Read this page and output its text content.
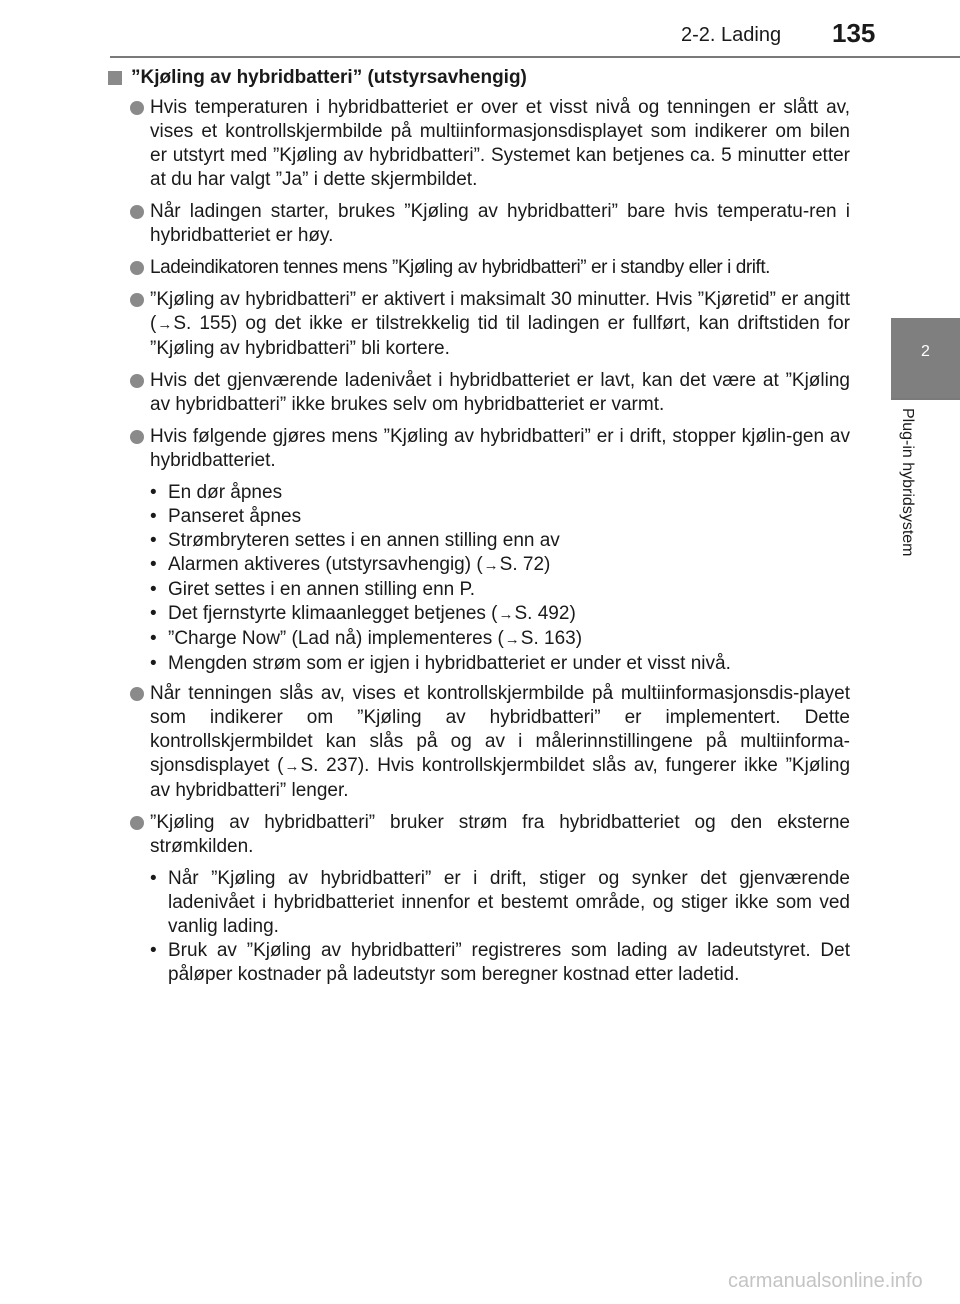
2-2. Lading 135
2
Plug-in hybridsystem
”Kjøling av hybridbatteri” (utstyrsavhengig)
Hvis temperaturen i hybridbatteriet er over et visst nivå og tenningen er slått av, vises et kontrollskjermbilde på multiinformasjonsdisplayet som indikerer om bilen er utstyrt med ”Kjøling av hybridbatteri”. Systemet kan betjenes ca. 5 minutter etter at du har valgt ”Ja” i dette skjermbildet.
Når ladingen starter, brukes ”Kjøling av hybridbatteri” bare hvis temperatu-ren i hybridbatteriet er høy.
Ladeindikatoren tennes mens ”Kjøling av hybridbatteri” er i standby eller i drift.
”Kjøling av hybridbatteri” er aktivert i maksimalt 30 minutter. Hvis ”Kjøretid” er angitt (→S. 155) og det ikke er tilstrekkelig tid til ladingen er fullført, kan driftstiden for ”Kjøling av hybridbatteri” bli kortere.
Hvis det gjenværende ladenivået i hybridbatteriet er lavt, kan det være at ”Kjøling av hybridbatteri” ikke brukes selv om hybridbatteriet er varmt.
Hvis følgende gjøres mens ”Kjøling av hybridbatteri” er i drift, stopper kjølin-gen av hybridbatteriet.
• En dør åpnes
• Panseret åpnes
• Strømbryteren settes i en annen stilling enn av
• Alarmen aktiveres (utstyrsavhengig) (→S. 72)
• Giret settes i en annen stilling enn P.
• Det fjernstyrte klimaanlegget betjenes (→S. 492)
• ”Charge Now” (Lad nå) implementeres (→S. 163)
• Mengden strøm som er igjen i hybridbatteriet er under et visst nivå.
Når tenningen slås av, vises et kontrollskjermbilde på multiinformasjonsdis-playet som indikerer om ”Kjøling av hybridbatteri” er implementert. Dette kontrollskjermbildet kan slås på og av i målerinnstillingene på multiinforma-sjonsdisplayet (→S. 237). Hvis kontrollskjermbildet slås av, fungerer ikke ”Kjøling av hybridbatteri” lenger.
”Kjøling av hybridbatteri” bruker strøm fra hybridbatteriet og den eksterne strømkilden.
• Når ”Kjøling av hybridbatteri” er i drift, stiger og synker det gjenværende ladenivået i hybridbatteriet innenfor et bestemt område, og stiger ikke som ved vanlig lading.
• Bruk av ”Kjøling av hybridbatteri” registreres som lading av ladeutstyret. Det påløper kostnader på ladeutstyr som beregner kostnad etter ladetid.
carmanualsonline.info
